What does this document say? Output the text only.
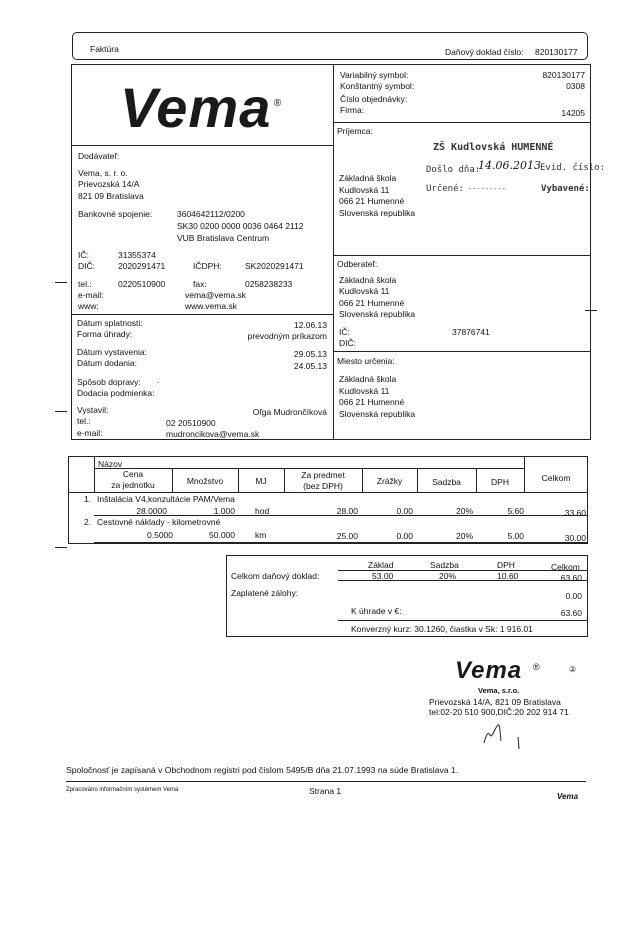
Faktúra	Daňový doklad číslo: 820130177
Vema ®
Variabilný symbol:	820130177
Konštantný symbol:	0308
Číslo objednávky:
Firma:	14205
Dodávateľ:
Vema, s. r. o.
Prievozská 14/A
821 09 Bratislava
Bankovné spojenie:	3604642112/0200
SK30 0200 0000 0036 0464 2112
VUB Bratislava Centrum
IČ:	31355374
DIČ:	2020291471	IČDPH:	SK2020291471
tel.:	0220510900	fax:	0258238233
e-mail:	vema@vema.sk
www:	www.vema.sk
Príjemca:
ZŠ Kudlovská HUMENNÉ
Došlo dňa:
14.06.2013 Evid. číslo:
Určené: ---------	Vybavené:
Základná škola
Kudlovská 11
066 21 Humenné
Slovenská republika
Odberateľ:
Základná škola
Kudlovská 11
066 21 Humenné
Slovenská republika
IČ:	37876741
DIČ:
Dátum splatnosti:	12.06.13
Forma úhrady:	prevodným príkazom
Dátum vystavenia:	29.05.13
Dátum dodania:	24.05.13
Spôsob dopravy: .
Dodacia podmienka:
Vystavil:	Oľga Mudrončíková
tel.:	02 20510900
e-mail:	mudroncikova@vema.sk
Miesto určenia:
Základná škola
Kudlovská 11
066 21 Humenné
Slovenská republika
Názov
Cena
za jednotku	Množstvo	MJ
Za predmet
(bez DPH)	Zrážky	Sadzba	DPH	Celkom
1. Inštalácia V4,konzultácie PAM/Vema
28.0000	1.000 hod	28.00	0.00	20%	5.60	33.60
2. Cestovné náklady - kilometrovné
0.5000	50.000 km	25.00	0.00	20%	5.00	30.00
Základ	Sadzba	DPH	Celkom
Celkom daňový doklad:	53.00	20%	10.60	63.60
Zaplatené zálohy:	0.00
K úhrade v €:	63.60
Konverzný kurz: 30.1260, čiastka v Sk: 1 916.01
Vema ®	②
Vema, s.r.o.
Prievozská 14/A, 821 09 Bratislava
tel:02-20 510 900,DIČ:20 202 914 71
Spoločnosť je zapísaná v Obchodnom registri pod číslom 5495/B dňa 21.07.1993 na súde Bratislava 1.
Zpracováno informačním systémem Vema	Strana 1
Vema
